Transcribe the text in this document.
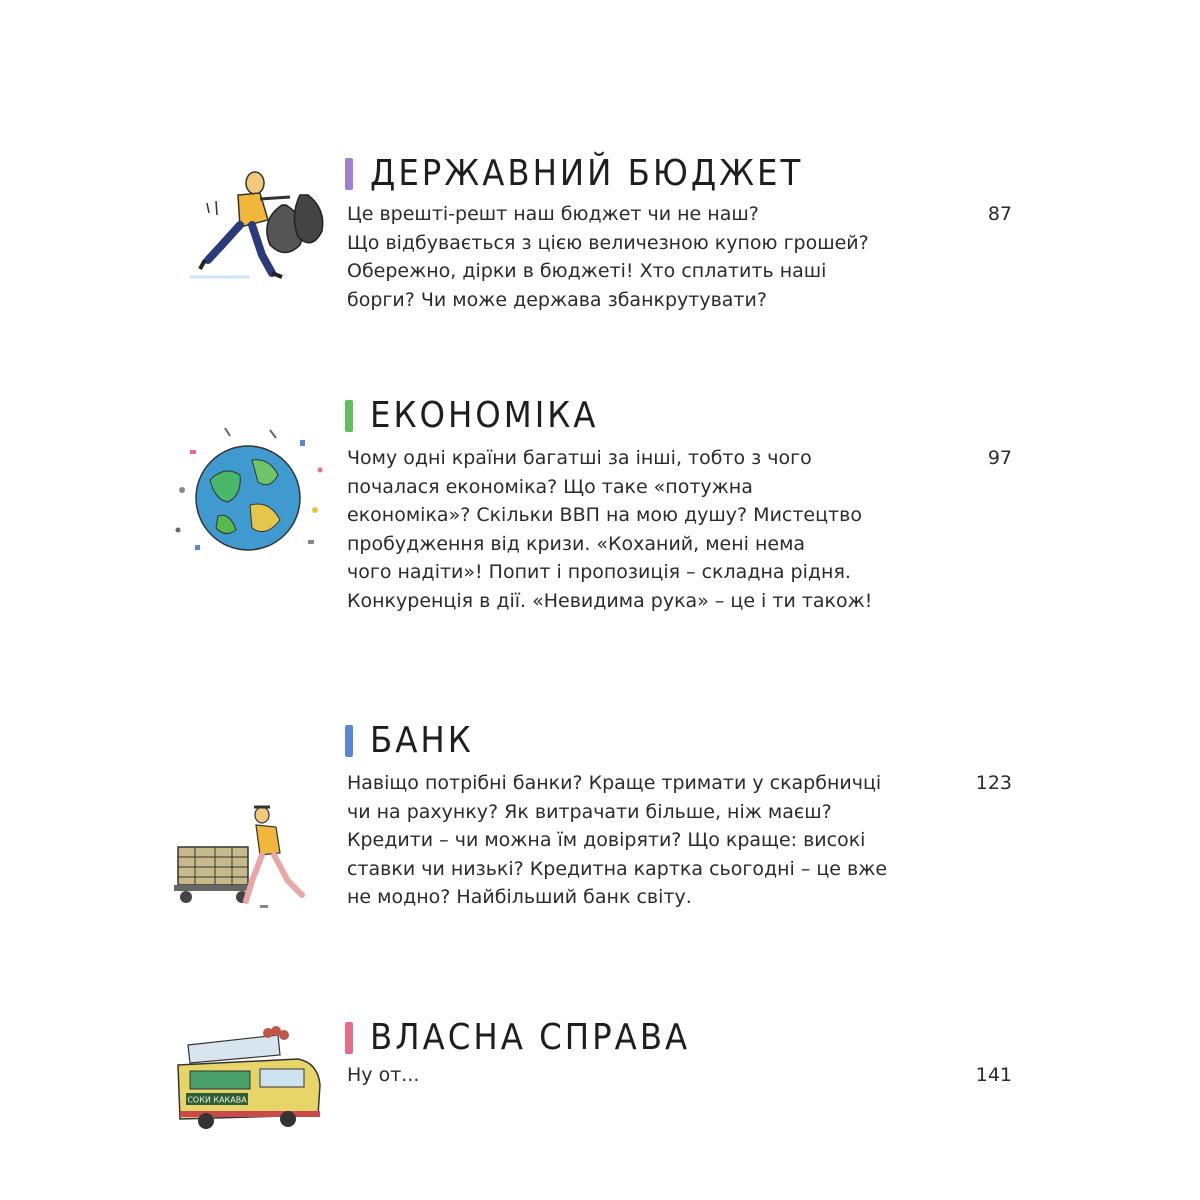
ДЕРЖАВНИЙ БЮДЖЕТ

Це врешті-решт наш бюджет чи не наш?
Що відбувається з цією величезною купою грошей?
Обережно, дірки в бюджеті! Хто сплатить наші
борги? Чи може держава збанкрутувати?

87
ЕКОНОМІКА

Чому одні країни багатші за інші, тобто з чого
почалася економіка? Що таке «потужна
економіка»? Скільки ВВП на мою душу? Мистецтво
пробудження від кризи. «Коханий, мені нема
чого надіти»! Попит і пропозиція – складна рідня.
Конкуренція в дії. «Невидима рука» – це і ти також!

97
БАНК

Навіщо потрібні банки? Краще тримати у скарбничці
чи на рахунку? Як витрачати більше, ніж маєш?
Кредити – чи можна їм довіряти? Що краще: високі
ставки чи низькі? Кредитна картка сьогодні – це вже
не модно? Найбільший банк світу.

123
СОКИ КАКАВА
ВЛАСНА СПРАВА

Ну от...	141
